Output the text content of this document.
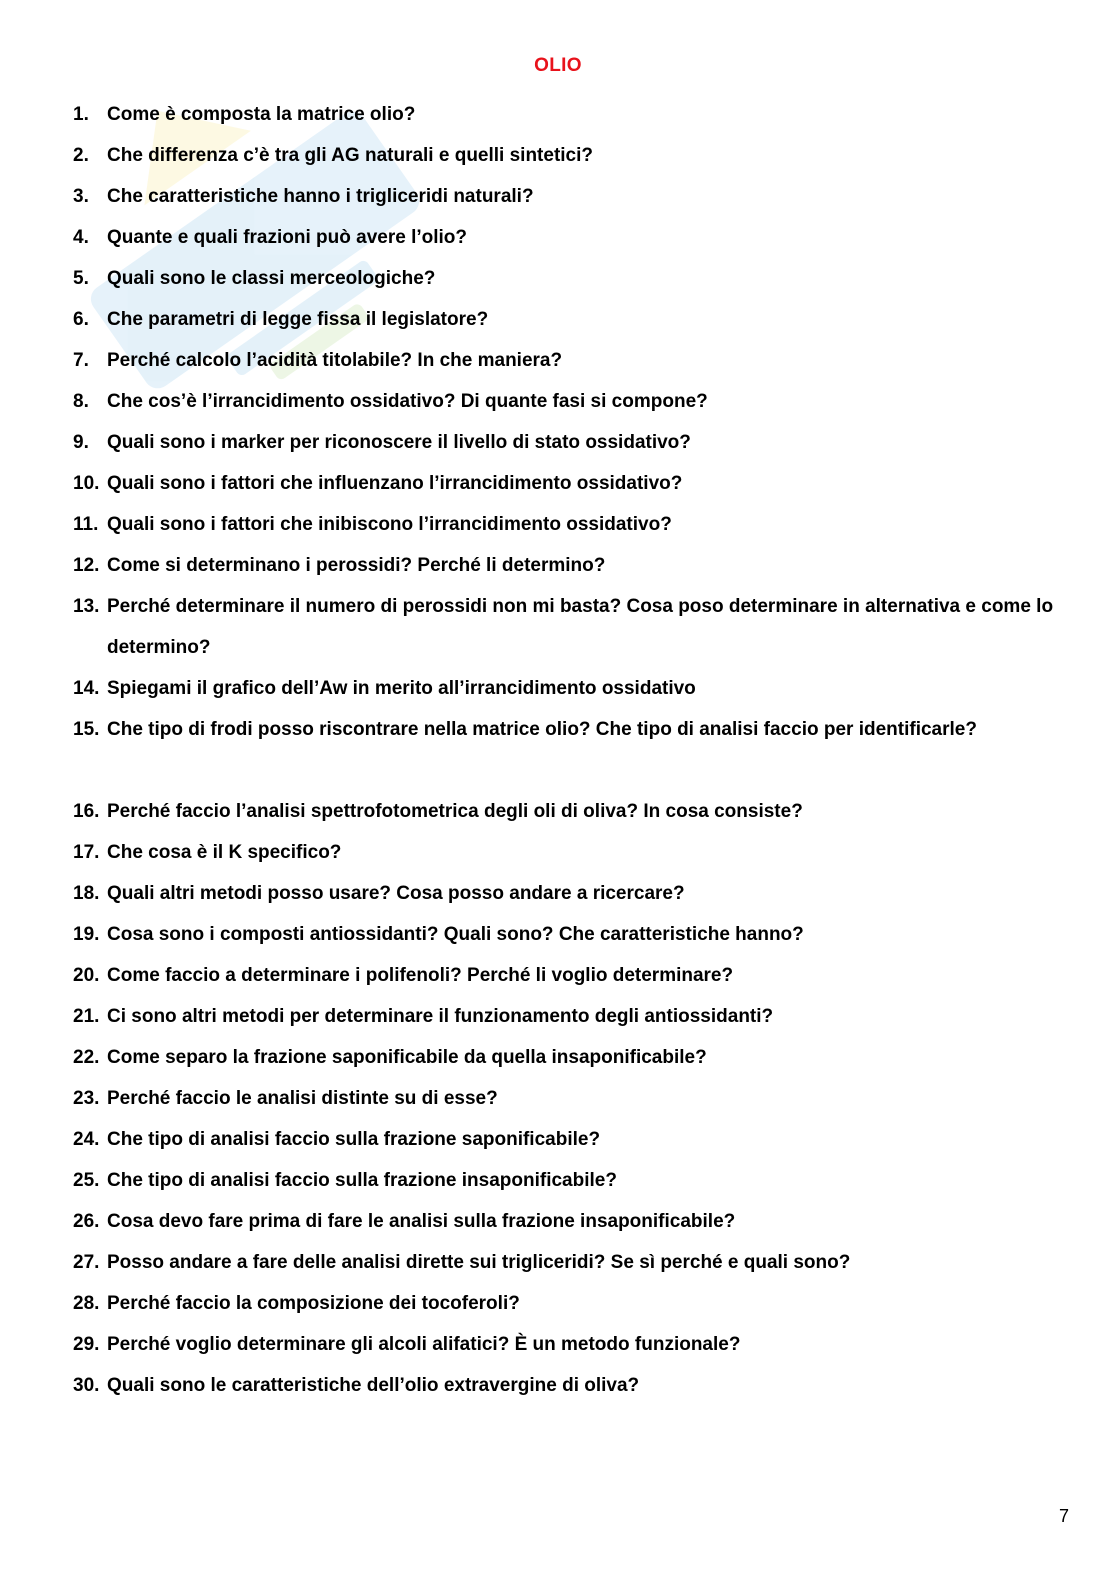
OLIO
1. Come è composta la matrice olio?
2. Che differenza c’è tra gli AG naturali e quelli sintetici?
3. Che caratteristiche hanno i trigliceridi naturali?
4. Quante e quali frazioni può avere l’olio?
5. Quali sono le classi merceologiche?
6. Che parametri di legge fissa il legislatore?
7. Perché calcolo l’acidità titolabile? In che maniera?
8. Che cos’è l’irrancidimento ossidativo? Di quante fasi si compone?
9. Quali sono i marker per riconoscere il livello di stato ossidativo?
10. Quali sono i fattori che influenzano l’irrancidimento ossidativo?
11. Quali sono i fattori che inibiscono l’irrancidimento ossidativo?
12. Come si determinano i perossidi? Perché li determino?
13. Perché determinare il numero di perossidi non mi basta? Cosa poso determinare in alternativa e come lo determino?
14. Spiegami il grafico dell’Aw in merito all’irrancidimento ossidativo
15. Che tipo di frodi posso riscontrare nella matrice olio? Che tipo di analisi faccio per identificarle?
16. Perché faccio l’analisi spettrofotometrica degli oli di oliva? In cosa consiste?
17. Che cosa è il K specifico?
18. Quali altri metodi posso usare? Cosa posso andare a ricercare?
19. Cosa sono i composti antiossidanti? Quali sono? Che caratteristiche hanno?
20. Come faccio a determinare i polifenoli? Perché li voglio determinare?
21. Ci sono altri metodi per determinare il funzionamento degli antiossidanti?
22. Come separo la frazione saponificabile da quella insaponificabile?
23. Perché faccio le analisi distinte su di esse?
24. Che tipo di analisi faccio sulla frazione saponificabile?
25. Che tipo di analisi faccio sulla frazione insaponificabile?
26. Cosa devo fare prima di fare le analisi sulla frazione insaponificabile?
27. Posso andare a fare delle analisi dirette sui trigliceridi? Se sì perché e quali sono?
28. Perché faccio la composizione dei tocoferoli?
29. Perché voglio determinare gli alcoli alifatici? È un metodo funzionale?
30. Quali sono le caratteristiche dell’olio extravergine di oliva?
7
